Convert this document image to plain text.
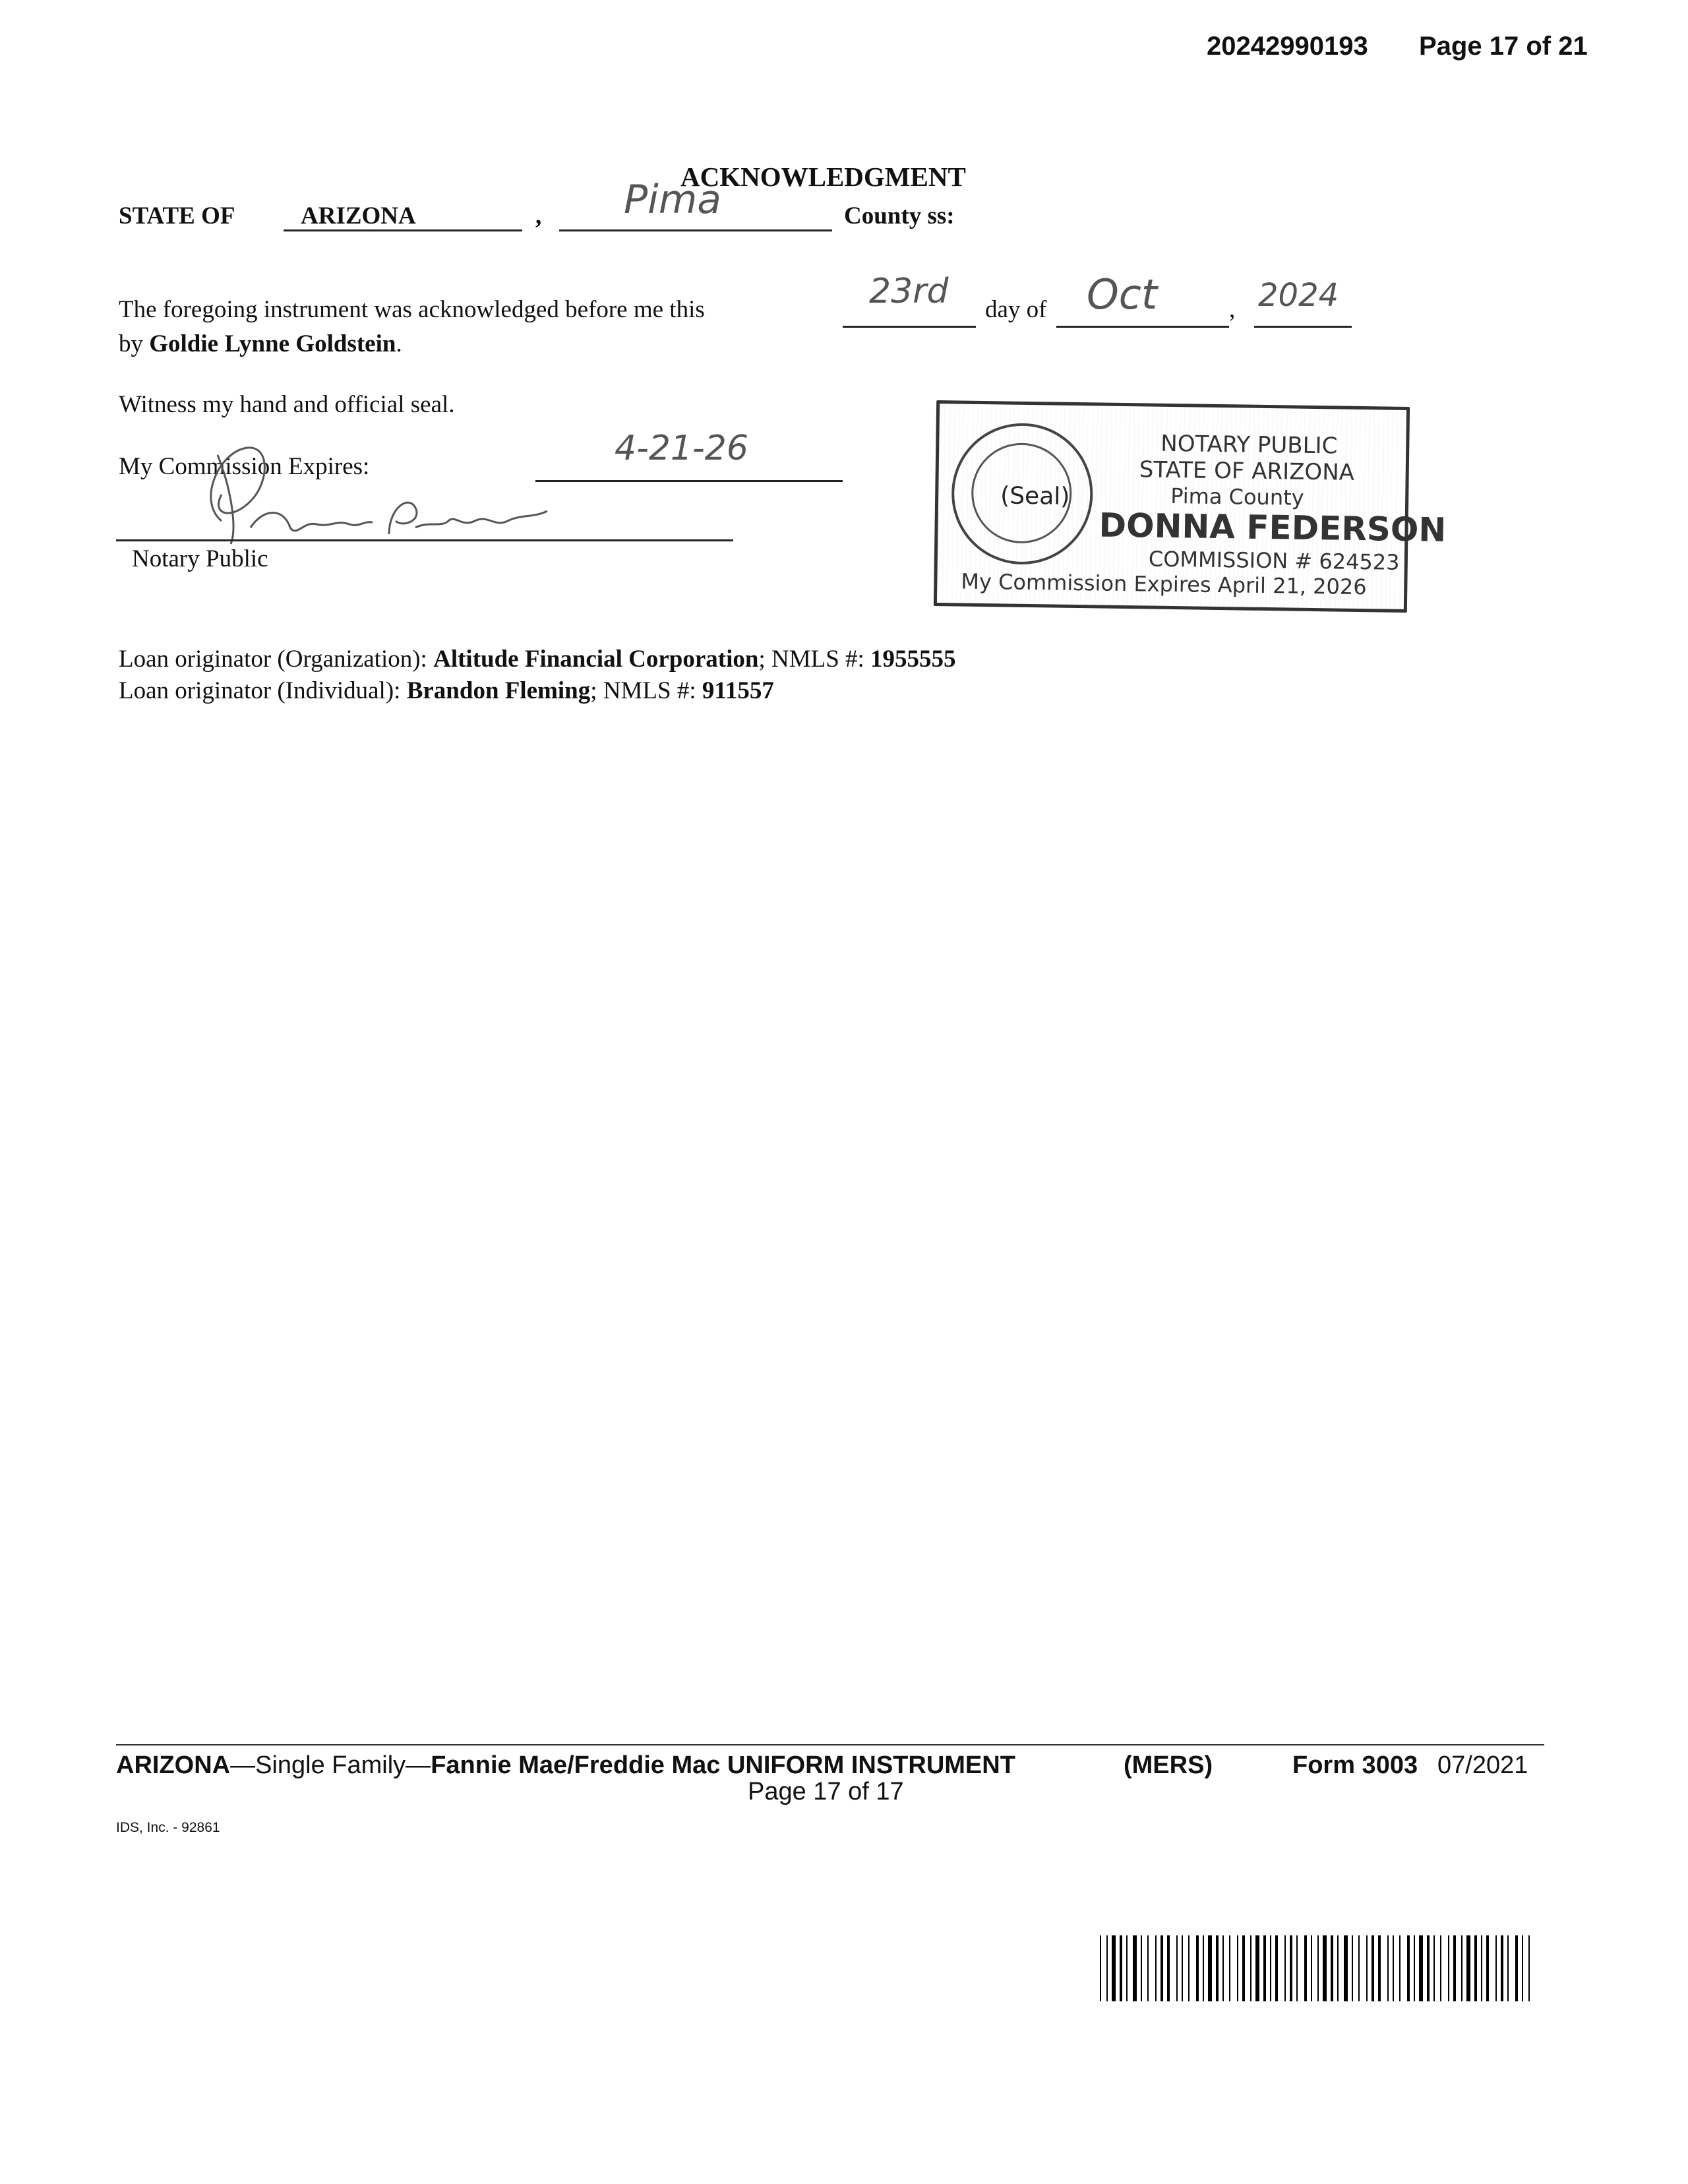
20242990193 Page 17 of 21
ACKNOWLEDGMENT
STATE OF	ARIZONA	, Pima	County ss:
The foregoing instrument was acknowledged before me this	23rd day of Oct	, 2024
by Goldie Lynne Goldstein.
Witness my hand and official seal.
My Commission Expires:	4-21-26
Notary Public
(Seal)
NOTARY PUBLIC
STATE OF ARIZONA
Pima County
DONNA FEDERSON
COMMISSION # 624523
My Commission Expires April 21, 2026
Loan originator (Organization): Altitude Financial Corporation; NMLS #: 1955555
Loan originator (Individual): Brandon Fleming; NMLS #: 911557
ARIZONA—Single Family—Fannie Mae/Freddie Mac UNIFORM INSTRUMENT	(MERS)	Form 3003 07/2021
Page 17 of 17
IDS, Inc. - 92861
